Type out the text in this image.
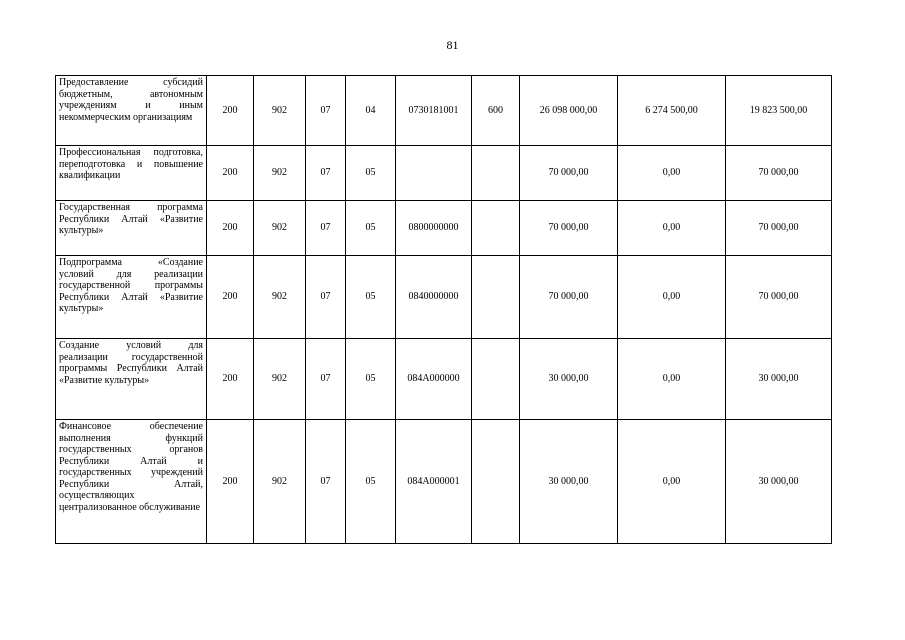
81
Предоставление субсидий бюджетным, автономным учреждениям и иным некоммерческим организациям	200	902	07	04	0730181001	600	26 098 000,00	6 274 500,00	19 823 500,00
Профессиональная подготовка, переподготовка и повышение квалификации	200	902	07	05			70 000,00	0,00	70 000,00
Государственная программа Республики Алтай «Развитие культуры»	200	902	07	05	0800000000		70 000,00	0,00	70 000,00
Подпрограмма «Создание условий для реализации государственной программы Республики Алтай «Развитие культуры»	200	902	07	05	0840000000		70 000,00	0,00	70 000,00
Создание условий для реализации государственной программы Республики Алтай «Развитие культуры»	200	902	07	05	084А000000		30 000,00	0,00	30 000,00
Финансовое обеспечение выполнения функций государственных органов Республики Алтай и государственных учреждений Республики Алтай, осуществляющих централизованное обслуживание	200	902	07	05	084А000001		30 000,00	0,00	30 000,00
